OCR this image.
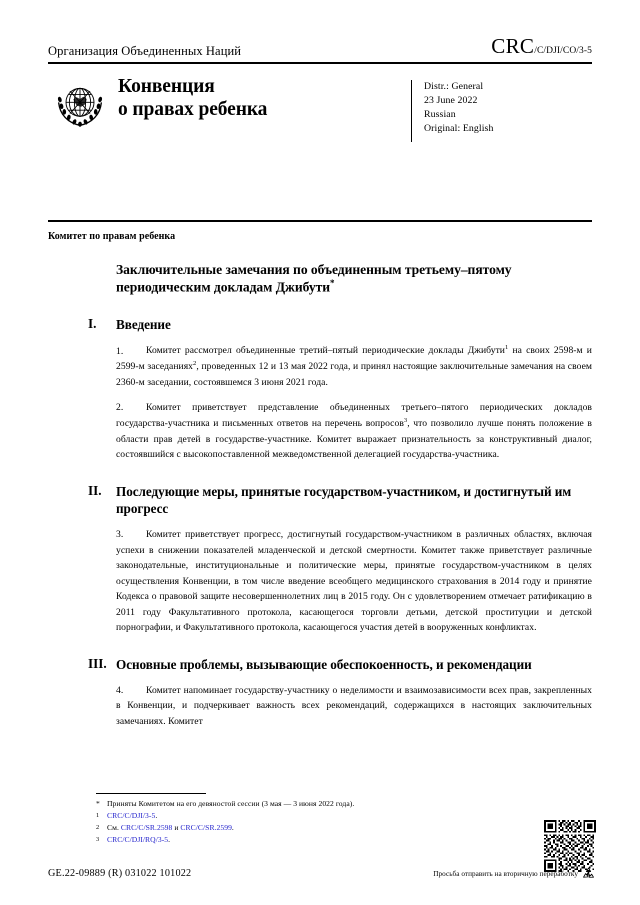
Организация Объединенных Наций	CRC /C/DJI/CO/3-5
Конвенция
о правах ребенка
Distr.: General
23 June 2022
Russian
Original: English
Комитет по правам ребенка
Заключительные замечания по объединенным третьему–пятому периодическим докладам Джибути*
I.	Введение
1. Комитет рассмотрел объединенные третий–пятый периодические доклады Джибути$^1$ на своих 2598-м и 2599-м заседаниях$^2$, проведенных 12 и 13 мая 2022 года, и принял настоящие заключительные замечания на своем 2360-м заседании, состоявшемся 3 июня 2021 года.
2. Комитет приветствует представление объединенных третьего–пятого периодических докладов государства-участника и письменных ответов на перечень вопросов$^3$, что позволило лучше понять положение в области прав детей в государстве-участнике. Комитет выражает признательность за конструктивный диалог, состоявшийся с высокопоставленной межведомственной делегацией государства-участника.
II.	Последующие меры, принятые государством-участником, и достигнутый им прогресс
3. Комитет приветствует прогресс, достигнутый государством-участником в различных областях, включая успехи в снижении показателей младенческой и детской смертности. Комитет также приветствует различные законодательные, институциональные и политические меры, принятые государством-участником в целях осуществления Конвенции, в том числе введение всеобщего медицинского страхования в 2014 году и принятие Кодекса о правовой защите несовершеннолетних лиц в 2015 году. Он с удовлетворением отмечает ратификацию в 2011 году Факультативного протокола, касающегося торговли детьми, детской проституции и детской порнографии, и Факультативного протокола, касающегося участия детей в вооруженных конфликтах.
III. Основные проблемы, вызывающие обеспокоенность, и рекомендации
4. Комитет напоминает государству-участнику о неделимости и взаимозависимости всех прав, закрепленных в Конвенции, и подчеркивает важность всех рекомендаций, содержащихся в настоящих заключительных замечаниях. Комитет
* Приняты Комитетом на его девяностой сессии (3 мая — 3 июня 2022 года).
1	CRC/C/DJI/3-5.
2	См. CRC/C/SR.2598 и CRC/C/SR.2599.
3	CRC/C/DJI/RQ/3-5.
GE.22-09889 (R) 031022 101022	Просьба отправить на вторичную переработку
